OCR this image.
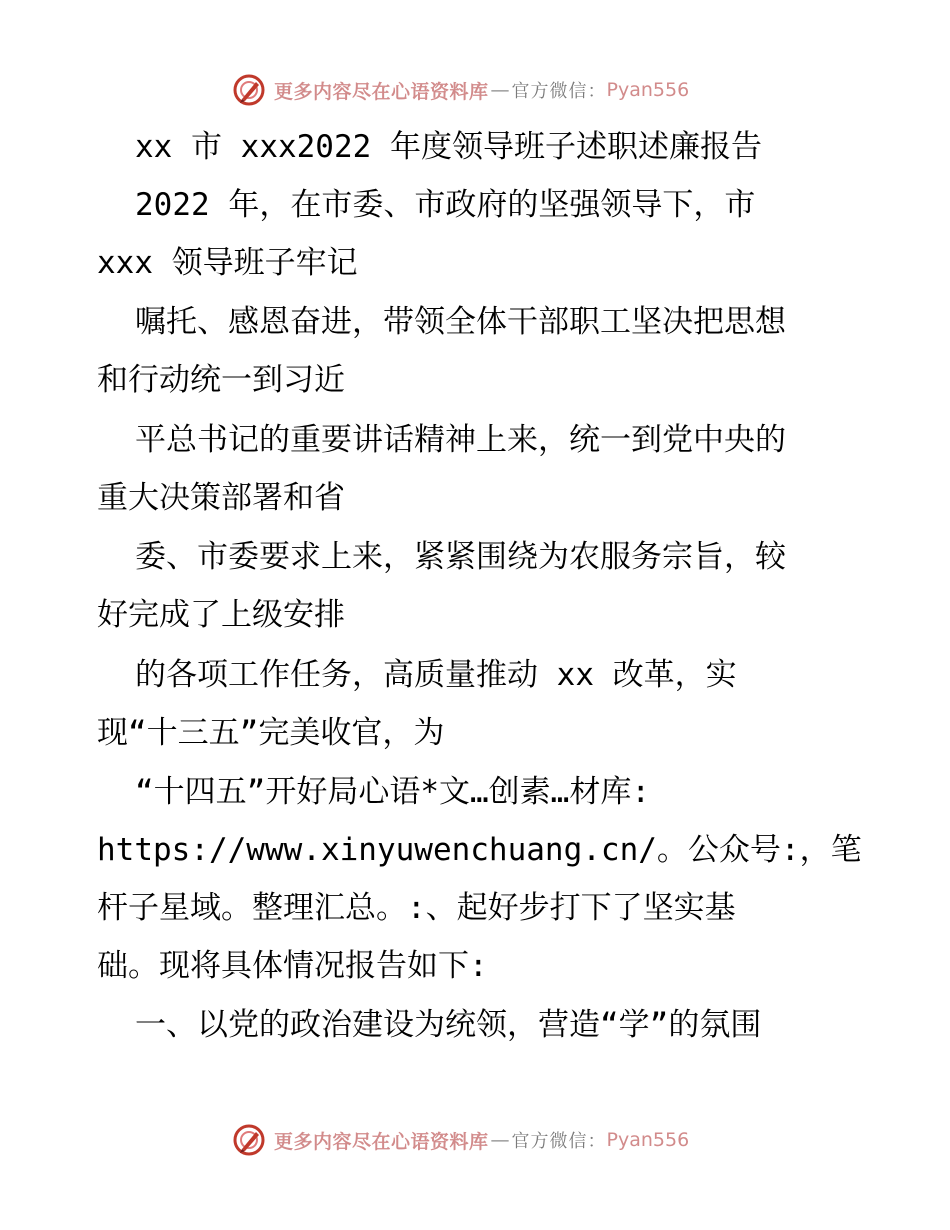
更多内容尽在心语资料库 — 官方微信： Pyan556
xx 市 xxx2022 年度领导班子述职述廉报告
2022 年，在市委、市政府的坚强领导下，市
xxx 领导班子牢记
嘱托、感恩奋进，带领全体干部职工坚决把思想
和行动统一到习近
平总书记的重要讲话精神上来，统一到党中央的
重大决策部署和省
委、市委要求上来，紧紧围绕为农服务宗旨，较
好完成了上级安排
的各项工作任务，高质量推动 xx 改革，实
现“十三五”完美收官，为
“十四五”开好局心语*文…创素…材库:
https://www.xinyuwenchuang.cn/。公众号:，笔
杆子星域。整理汇总。:、起好步打下了坚实基
础。现将具体情况报告如下:
一、以党的政治建设为统领，营造“学”的氛围
更多内容尽在心语资料库 — 官方微信： Pyan556
